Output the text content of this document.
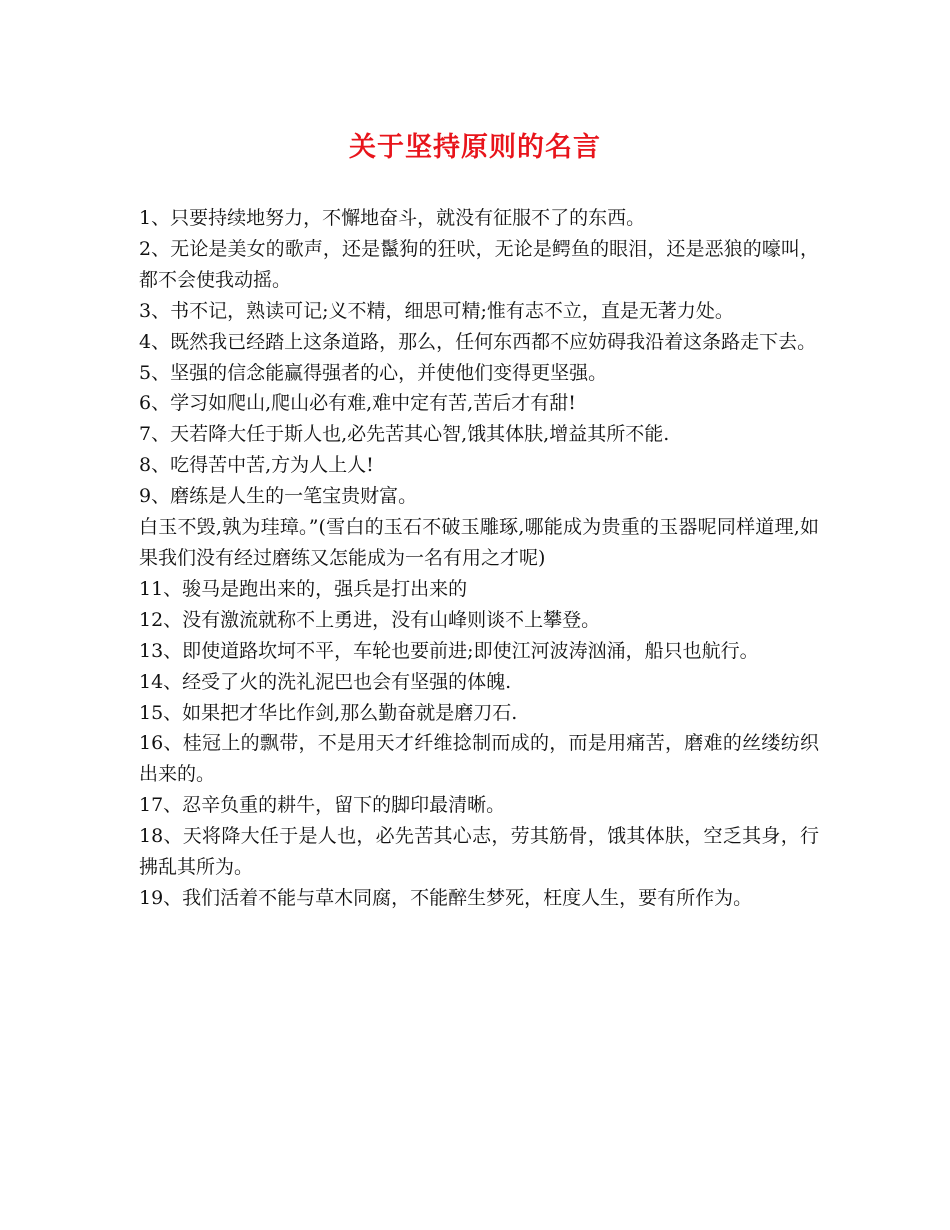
关于坚持原则的名言

1、只要持续地努力，不懈地奋斗，就没有征服不了的东西。

2、无论是美女的歌声，还是鬣狗的狂吠，无论是鳄鱼的眼泪，还是恶狼的嚎叫，都不会使我动摇。

3、书不记，熟读可记;义不精，细思可精;惟有志不立，直是无著力处。

4、既然我已经踏上这条道路，那么，任何东西都不应妨碍我沿着这条路走下去。

5、坚强的信念能赢得强者的心，并使他们变得更坚强。

6、学习如爬山,爬山必有难,难中定有苦,苦后才有甜!

7、天若降大任于斯人也,必先苦其心智,饿其体肤,增益其所不能.

8、吃得苦中苦,方为人上人!

9、磨练是人生的一笔宝贵财富。

白玉不毁,孰为珪璋。”(雪白的玉石不破玉雕琢,哪能成为贵重的玉器呢同样道理,如果我们没有经过磨练又怎能成为一名有用之才呢)

11、骏马是跑出来的，强兵是打出来的

12、没有激流就称不上勇进，没有山峰则谈不上攀登。

13、即使道路坎坷不平，车轮也要前进;即使江河波涛汹涌，船只也航行。

14、经受了火的洗礼泥巴也会有坚强的体魄.

15、如果把才华比作剑,那么勤奋就是磨刀石.

16、桂冠上的飘带，不是用天才纤维捻制而成的，而是用痛苦，磨难的丝缕纺织出来的。

17、忍辛负重的耕牛，留下的脚印最清晰。

18、天将降大任于是人也，必先苦其心志，劳其筋骨，饿其体肤，空乏其身，行拂乱其所为。

19、我们活着不能与草木同腐，不能醉生梦死，枉度人生，要有所作为。
